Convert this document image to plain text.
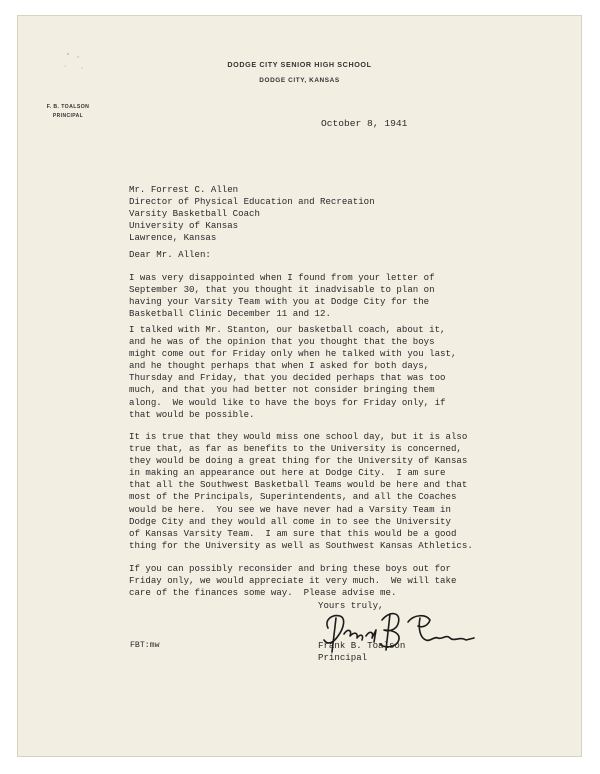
DODGE CITY SENIOR HIGH SCHOOL
DODGE CITY, KANSAS
F. B. TOALSON
PRINCIPAL
October 8, 1941
Mr. Forrest C. Allen
Director of Physical Education and Recreation
Varsity Basketball Coach
University of Kansas
Lawrence, Kansas
Dear Mr. Allen:
I was very disappointed when I found from your letter of
September 30, that you thought it inadvisable to plan on
having your Varsity Team with you at Dodge City for the
Basketball Clinic December 11 and 12.
I talked with Mr. Stanton, our basketball coach, about it,
and he was of the opinion that you thought that the boys
might come out for Friday only when he talked with you last,
and he thought perhaps that when I asked for both days,
Thursday and Friday, that you decided perhaps that was too
much, and that you had better not consider bringing them
along.  We would like to have the boys for Friday only, if
that would be possible.
It is true that they would miss one school day, but it is also
true that, as far as benefits to the University is concerned,
they would be doing a great thing for the University of Kansas
in making an appearance out here at Dodge City.  I am sure
that all the Southwest Basketball Teams would be here and that
most of the Principals, Superintendents, and all the Coaches
would be here.  You see we have never had a Varsity Team in
Dodge City and they would all come in to see the University
of Kansas Varsity Team.  I am sure that this would be a good
thing for the University as well as Southwest Kansas Athletics.
If you can possibly reconsider and bring these boys out for
Friday only, we would appreciate it very much.  We will take
care of the finances some way.  Please advise me.
Yours truly,
FBT:mw	Frank B. Toalson
Principal
